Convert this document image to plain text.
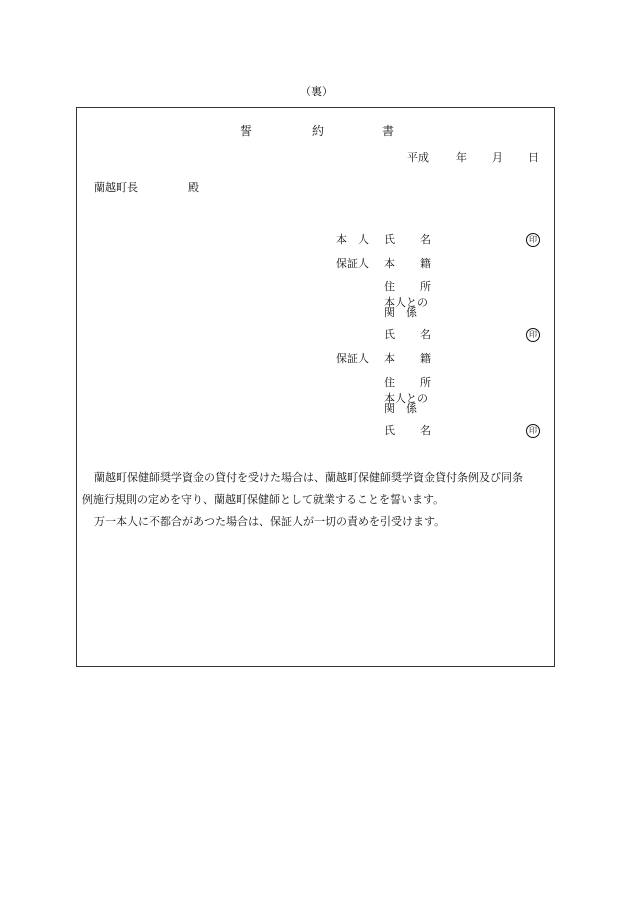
（裏）
誓	約	書
平成 年 月 日
蘭越町長	殿
本　人 氏 名	印
保証人 本 籍
住 所
本人との
関　係
氏 名	印
保証人 本 籍
住 所
本人との
関　係
氏 名	印
蘭越町保健師奨学資金の貸付を受けた場合は、蘭越町保健師奨学資金貸付条例及び同条
例施行規則の定めを守り、蘭越町保健師として就業することを誓います。
万一本人に不都合があつた場合は、保証人が一切の責めを引受けます。
